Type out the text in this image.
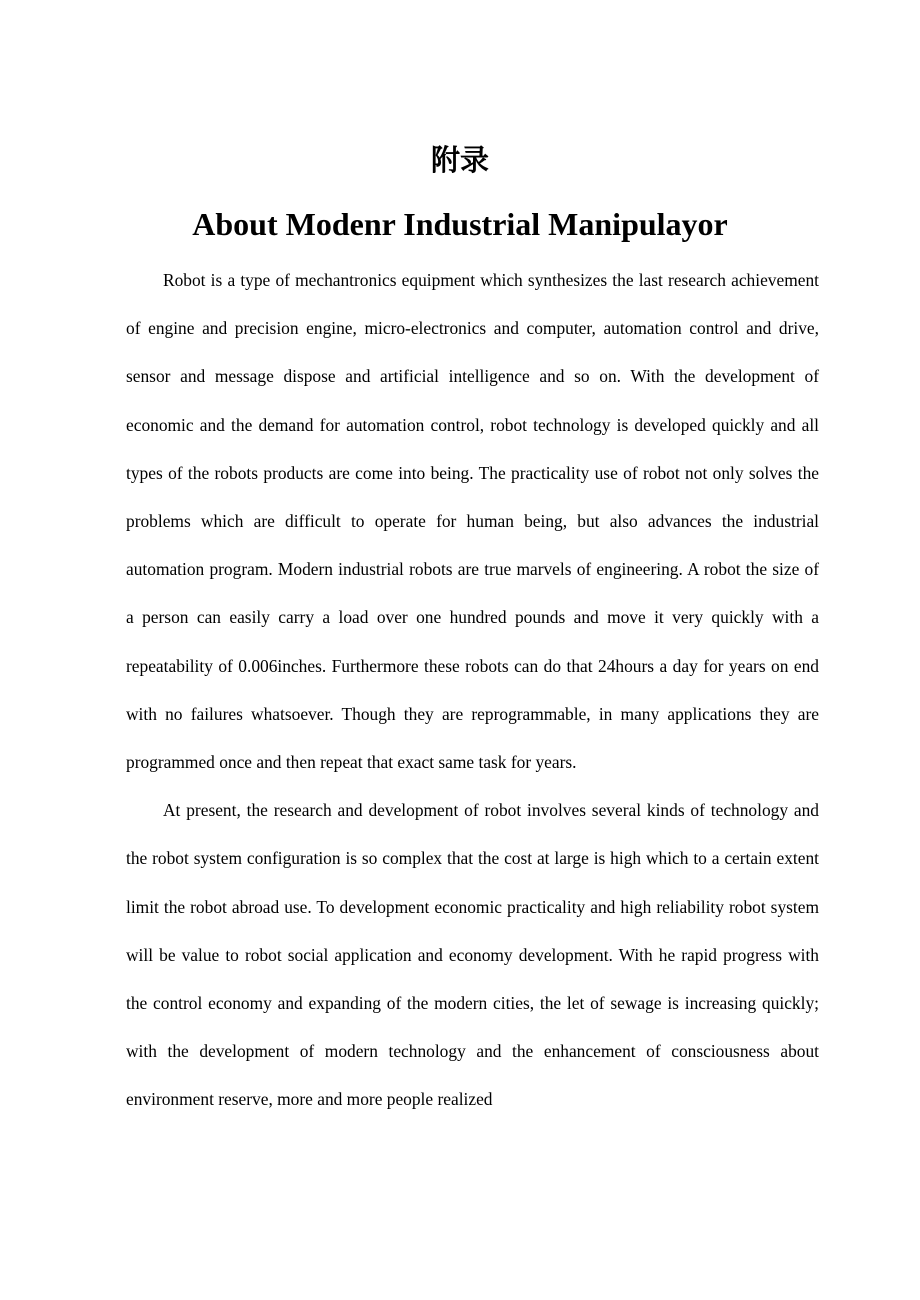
附录
About Modenr Industrial Manipulayor

Robot is a type of mechantronics equipment which synthesizes the last research achievement of engine and precision engine, micro-electronics and computer, automation control and drive, sensor and message dispose and artificial intelligence and so on. With the development of economic and the demand for automation control, robot technology is developed quickly and all types of the robots products are come into being. The practicality use of robot not only solves the problems which are difficult to operate for human being, but also advances the industrial automation program. Modern industrial robots are true marvels of engineering. A robot the size of a person can easily carry a load over one hundred pounds and move it very quickly with a repeatability of 0.006inches. Furthermore these robots can do that 24hours a day for years on end with no failures whatsoever. Though they are reprogrammable, in many applications they are programmed once and then repeat that exact same task for years.

At present, the research and development of robot involves several kinds of technology and the robot system configuration is so complex that the cost at large is high which to a certain extent limit the robot abroad use. To development economic practicality and high reliability robot system will be value to robot social application and economy development. With he rapid progress with the control economy and expanding of the modern cities, the let of sewage is increasing quickly; with the development of modern technology and the enhancement of consciousness about environment reserve, more and more people realized
